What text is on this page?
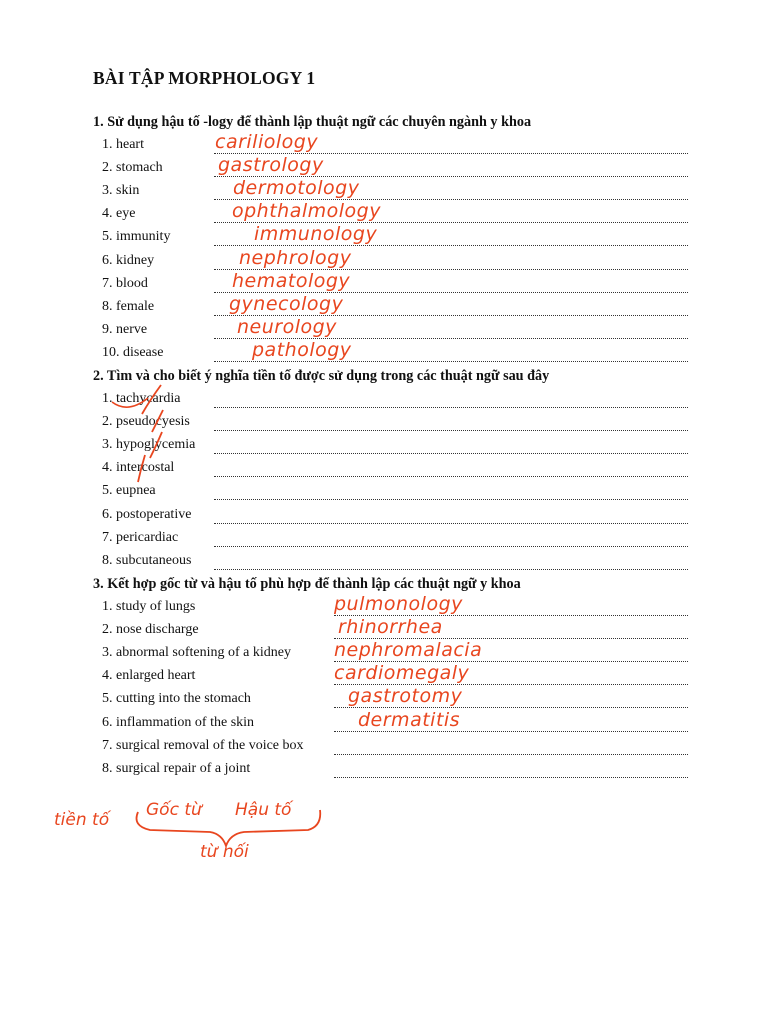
BÀI TẬP MORPHOLOGY 1
1. Sử dụng hậu tố -logy để thành lập thuật ngữ các chuyên ngành y khoa
1. heart	cariliology
2. stomach	gastrology
3. skin	dermotology
4. eye	ophthalmology
5. immunity	immunology
6. kidney	nephrology
7. blood	hematology
8. female	gynecology
9. nerve	neurology
10. disease	pathology
2. Tìm và cho biết ý nghĩa tiền tố được sử dụng trong các thuật ngữ sau đây
1. tachycardia
2. pseudocyesis
3. hypoglycemia
4. intercostal
5. eupnea
6. postoperative
7. pericardiac
8. subcutaneous
3. Kết hợp gốc từ và hậu tố phù hợp để thành lập các thuật ngữ y khoa
1. study of lungs	pulmonology
2. nose discharge	rhinorrhea
3. abnormal softening of a kidney nephromalacia
4. enlarged heart	cardiomegaly
5. cutting into the stomach	gastrotomy
6. inflammation of the skin	dermatitis
7. surgical removal of the voice box
8. surgical repair of a joint
tiền tố Gốc từ Hậu tố
từ nối
